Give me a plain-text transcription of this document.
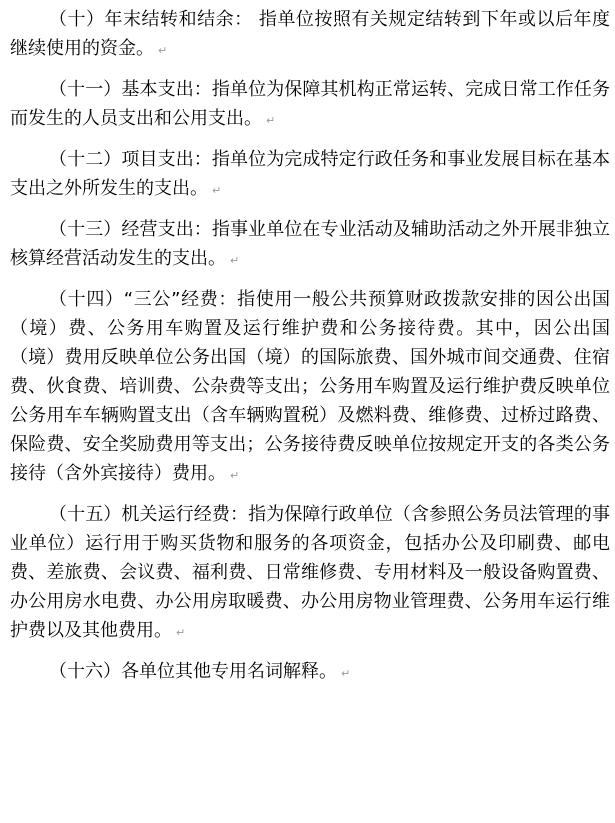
（十）年末结转和结余： 指单位按照有关规定结转到下年或以后年度继续使用的资金。 ↵

（十一）基本支出：指单位为保障其机构正常运转、完成日常工作任务而发生的人员支出和公用支出。 ↵

（十二）项目支出：指单位为完成特定行政任务和事业发展目标在基本支出之外所发生的支出。 ↵

（十三）经营支出：指事业单位在专业活动及辅助活动之外开展非独立核算经营活动发生的支出。 ↵

（十四）“三公”经费：指使用一般公共预算财政拨款安排的因公出国（境）费、公务用车购置及运行维护费和公务接待费。其中，因公出国（境）费用反映单位公务出国（境）的国际旅费、国外城市间交通费、住宿费、伙食费、培训费、公杂费等支出；公务用车购置及运行维护费反映单位公务用车车辆购置支出（含车辆购置税）及燃料费、维修费、过桥过路费、保险费、安全奖励费用等支出；公务接待费反映单位按规定开支的各类公务接待（含外宾接待）费用。 ↵

（十五）机关运行经费：指为保障行政单位（含参照公务员法管理的事业单位）运行用于购买货物和服务的各项资金，包括办公及印刷费、邮电费、差旅费、会议费、福利费、日常维修费、专用材料及一般设备购置费、办公用房水电费、办公用房取暖费、办公用房物业管理费、公务用车运行维护费以及其他费用。 ↵

（十六）各单位其他专用名词解释。 ↵
